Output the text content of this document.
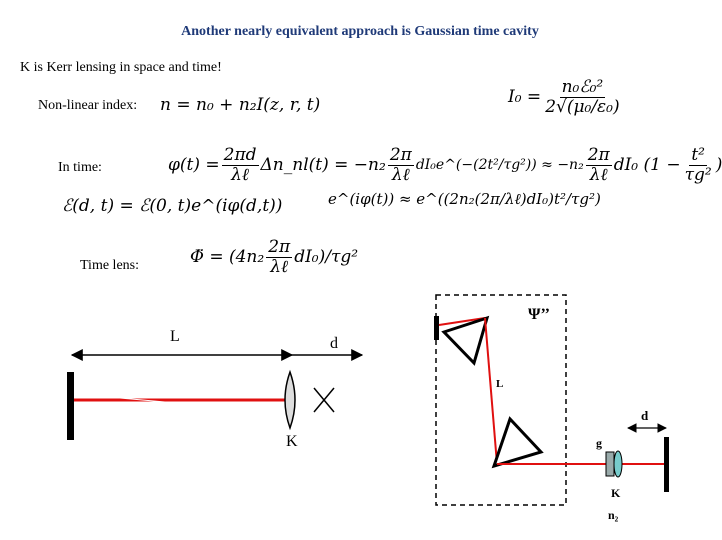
Another nearly equivalent approach is Gaussian time cavity
K is Kerr lensing in space and time!
Non-linear index: n = n₀ + n₂I(z, r, t)	$I_0 = \frac{\text{n₀ℰ₀²}}{\text{2√(μ₀/ε₀)}}$
In time:	$\varphi(t) = \frac{2\pi d}{\text{λℓ}}$ Δn_nl(t) = $-n_2 \frac{2\pi}{\text{λℓ}}$ dI₀e^(−(2t²/τg²)) ≈ $-n_2 \frac{2\pi}{\text{λℓ}} dI_0$ ($1 - \frac{\text{t²}}{\text{τg²}}$ )
ℰ(d, t) = ℰ(0, t)e^(iφ(d,t))	e^(iφ(t)) ≈ e^((2n₂(2π/λℓ)dI₀)t²/τg²)
Time lens:	Φ̈ = $(4n_2 \frac{2\pi}{\text{λℓ}} dI_0)/\tau g^2$
L	d
K
Ψ’’
L
d
g
K
n₂
